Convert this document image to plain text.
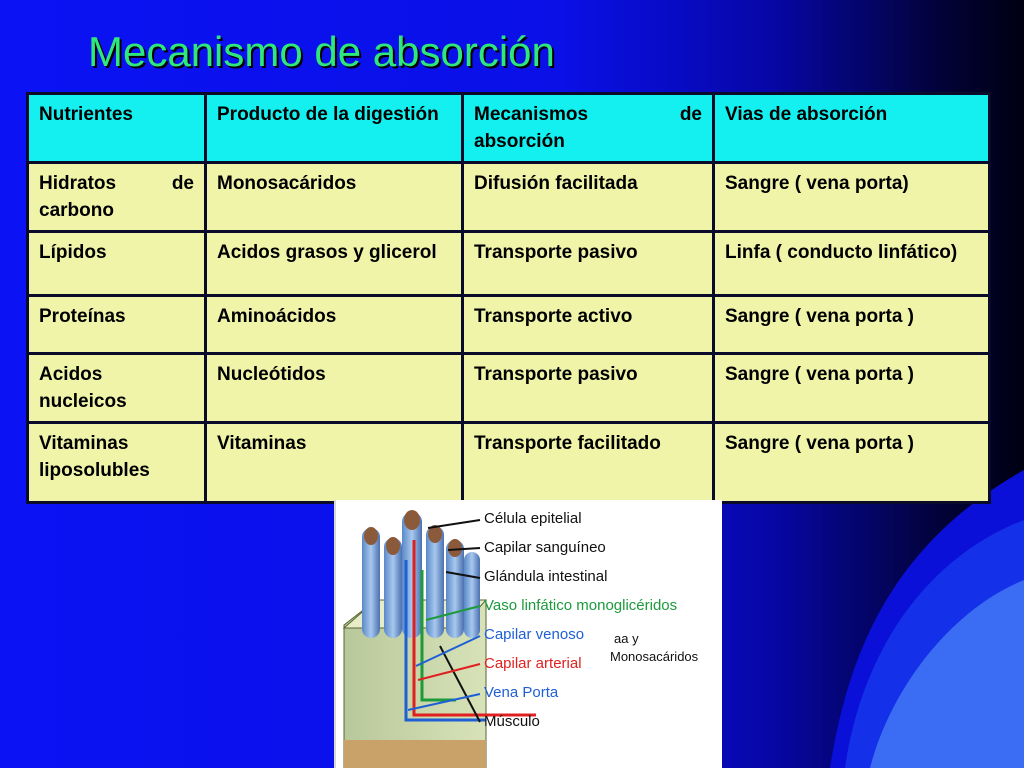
Mecanismo de absorción
Nutrientes	Producto de la digestión	Mecanismos de absorción	Vias de absorción
Hidratos de carbono	Monosacáridos	Difusión facilitada	Sangre ( vena porta)
Lípidos	Acidos grasos y glicerol	Transporte pasivo	Linfa ( conducto linfático)
Proteínas	Aminoácidos	Transporte activo	Sangre ( vena porta )
Acidos nucleicos	Nucleótidos	Transporte pasivo	Sangre ( vena porta )
Vitaminas liposolubles	Vitaminas	Transporte facilitado	Sangre ( vena porta )
Célula epitelial
Capilar sanguíneo
Glándula intestinal
Vaso linfático monoglicéridos
Capilar venoso aa y
Monosacáridos
Capilar arterial
Vena Porta
Músculo
